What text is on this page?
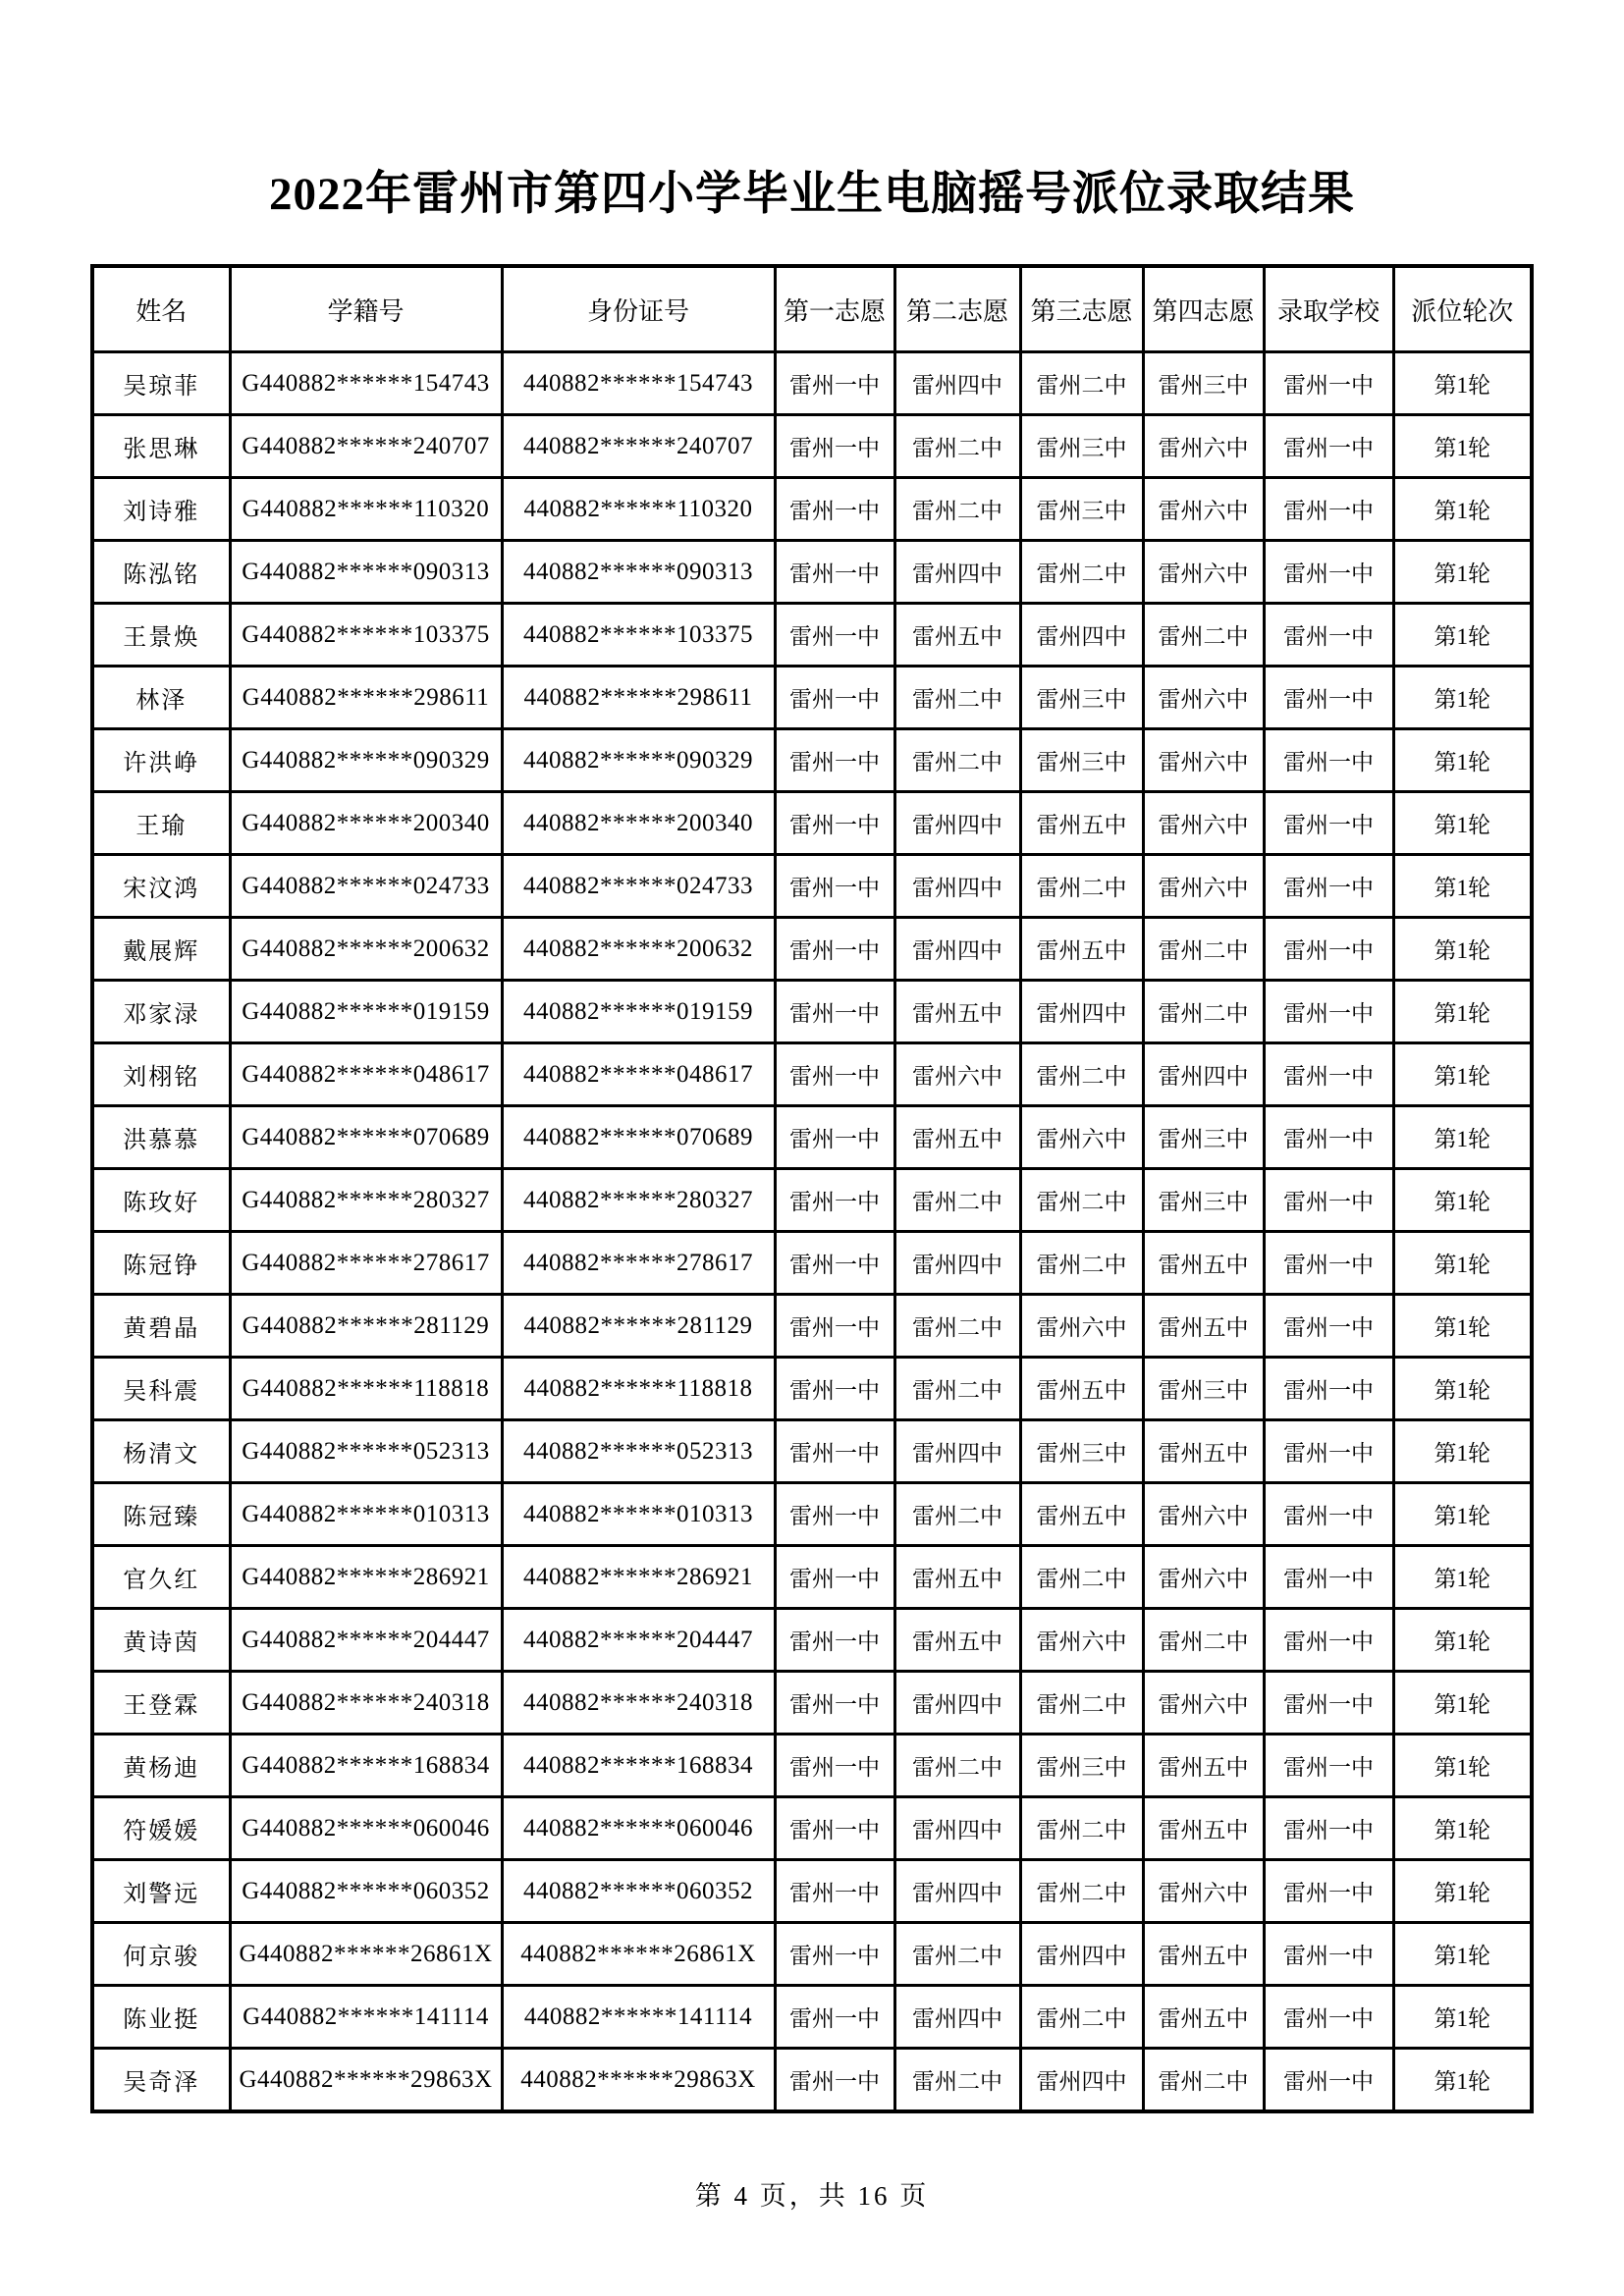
2022年雷州市第四小学毕业生电脑摇号派位录取结果
姓名	学籍号	身份证号	第一志愿	第二志愿	第三志愿	第四志愿	录取学校	派位轮次
吴琼菲	G440882******154743	440882******154743	雷州一中	雷州四中	雷州二中	雷州三中	雷州一中	第1轮
张思琳	G440882******240707	440882******240707	雷州一中	雷州二中	雷州三中	雷州六中	雷州一中	第1轮
刘诗雅	G440882******110320	440882******110320	雷州一中	雷州二中	雷州三中	雷州六中	雷州一中	第1轮
陈泓铭	G440882******090313	440882******090313	雷州一中	雷州四中	雷州二中	雷州六中	雷州一中	第1轮
王景焕	G440882******103375	440882******103375	雷州一中	雷州五中	雷州四中	雷州二中	雷州一中	第1轮
林泽	G440882******298611	440882******298611	雷州一中	雷州二中	雷州三中	雷州六中	雷州一中	第1轮
许洪峥	G440882******090329	440882******090329	雷州一中	雷州二中	雷州三中	雷州六中	雷州一中	第1轮
王瑜	G440882******200340	440882******200340	雷州一中	雷州四中	雷州五中	雷州六中	雷州一中	第1轮
宋汶鸿	G440882******024733	440882******024733	雷州一中	雷州四中	雷州二中	雷州六中	雷州一中	第1轮
戴展辉	G440882******200632	440882******200632	雷州一中	雷州四中	雷州五中	雷州二中	雷州一中	第1轮
邓家渌	G440882******019159	440882******019159	雷州一中	雷州五中	雷州四中	雷州二中	雷州一中	第1轮
刘栩铭	G440882******048617	440882******048617	雷州一中	雷州六中	雷州二中	雷州四中	雷州一中	第1轮
洪慕慕	G440882******070689	440882******070689	雷州一中	雷州五中	雷州六中	雷州三中	雷州一中	第1轮
陈玫好	G440882******280327	440882******280327	雷州一中	雷州二中	雷州二中	雷州三中	雷州一中	第1轮
陈冠铮	G440882******278617	440882******278617	雷州一中	雷州四中	雷州二中	雷州五中	雷州一中	第1轮
黄碧晶	G440882******281129	440882******281129	雷州一中	雷州二中	雷州六中	雷州五中	雷州一中	第1轮
吴科震	G440882******118818	440882******118818	雷州一中	雷州二中	雷州五中	雷州三中	雷州一中	第1轮
杨清文	G440882******052313	440882******052313	雷州一中	雷州四中	雷州三中	雷州五中	雷州一中	第1轮
陈冠臻	G440882******010313	440882******010313	雷州一中	雷州二中	雷州五中	雷州六中	雷州一中	第1轮
官久红	G440882******286921	440882******286921	雷州一中	雷州五中	雷州二中	雷州六中	雷州一中	第1轮
黄诗茵	G440882******204447	440882******204447	雷州一中	雷州五中	雷州六中	雷州二中	雷州一中	第1轮
王登霖	G440882******240318	440882******240318	雷州一中	雷州四中	雷州二中	雷州六中	雷州一中	第1轮
黄杨迪	G440882******168834	440882******168834	雷州一中	雷州二中	雷州三中	雷州五中	雷州一中	第1轮
符媛媛	G440882******060046	440882******060046	雷州一中	雷州四中	雷州二中	雷州五中	雷州一中	第1轮
刘警远	G440882******060352	440882******060352	雷州一中	雷州四中	雷州二中	雷州六中	雷州一中	第1轮
何京骏	G440882******26861X	440882******26861X	雷州一中	雷州二中	雷州四中	雷州五中	雷州一中	第1轮
陈业挺	G440882******141114	440882******141114	雷州一中	雷州四中	雷州二中	雷州五中	雷州一中	第1轮
吴奇泽	G440882******29863X	440882******29863X	雷州一中	雷州二中	雷州四中	雷州二中	雷州一中	第1轮
第 4 页，共 16 页
